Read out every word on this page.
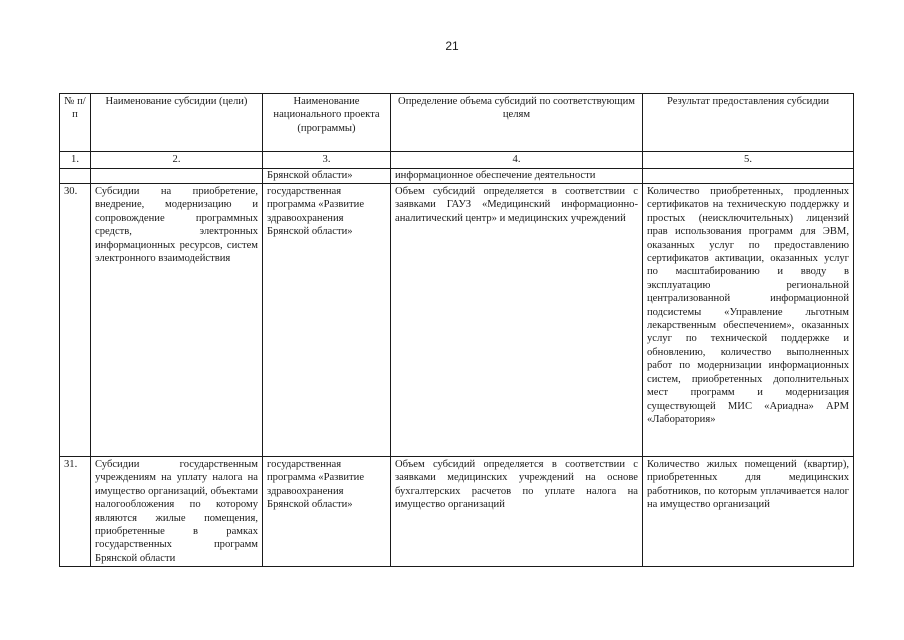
21
№ п/п	Наименование субсидии (цели)	Наименование национального проекта (программы)	Определение объема субсидий по соответствующим целям	Результат предоставления субсидии
1.	2.	3.	4.	5.
		Брянской области»	информационное обеспечение деятельности	
30.	Субсидии на приобретение, внедрение, модернизацию и сопровождение программных средств, электронных информационных ресурсов, систем электронного взаимодействия	государственная программа «Развитие здравоохранения Брянской области»	Объем субсидий определяется в соответствии с заявками ГАУЗ «Медицинский информационно-аналитический центр» и медицинских учреждений	Количество приобретенных, продленных сертификатов на техническую поддержку и простых (неисключительных) лицензий прав использования программ для ЭВМ, оказанных услуг по предоставлению сертификатов активации, оказанных услуг по масштабированию и вводу в эксплуатацию региональной централизованной информационной подсистемы «Управление льготным лекарственным обеспечением», оказанных услуг по технической поддержке и обновлению, количество выполненных работ по модернизации информационных систем, приобретенных дополнительных мест программ и модернизация существующей МИС «Ариадна» АРМ «Лаборатория»
31.	Субсидии государственным учреждениям на уплату налога на имущество организаций, объектами налогообложения по которому являются жилые помещения, приобретенные в рамках государственных программ Брянской области	государственная программа «Развитие здравоохранения Брянской области»	Объем субсидий определяется в соответствии с заявками медицинских учреждений на основе бухгалтерских расчетов по уплате налога на имущество организаций	Количество жилых помещений (квартир), приобретенных для медицинских работников, по которым уплачивается налог на имущество организаций
